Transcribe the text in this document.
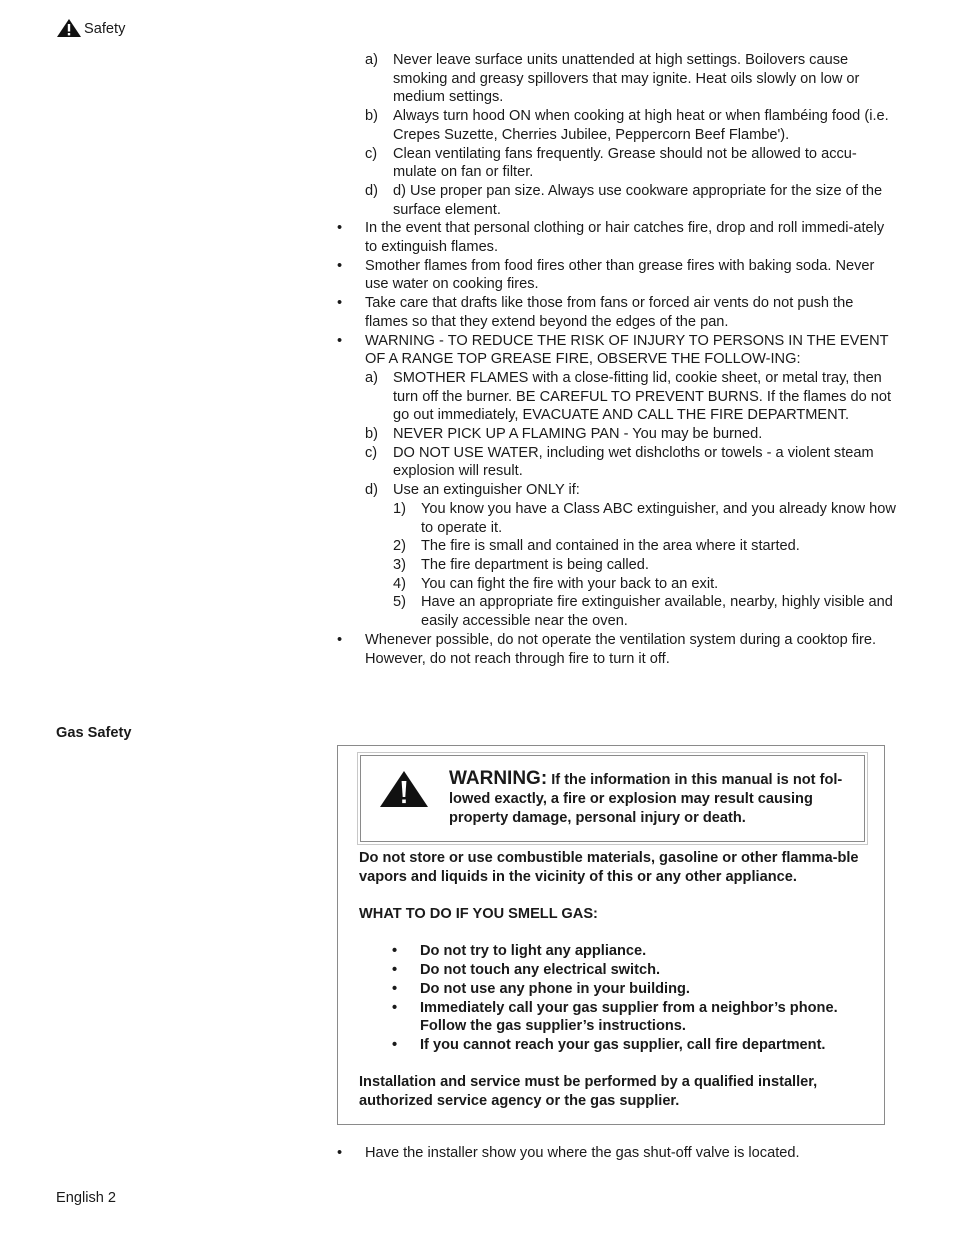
Safety
a)	Never leave surface units unattended at high settings. Boilovers cause smoking and greasy spillovers that may ignite. Heat oils slowly on low or medium settings.
b)	Always turn hood ON when cooking at high heat or when flambéing food (i.e. Crepes Suzette, Cherries Jubilee, Peppercorn Beef Flambe').
c)	Clean ventilating fans frequently. Grease should not be allowed to accu-mulate on fan or filter.
d)	d) Use proper pan size. Always use cookware appropriate for the size of the surface element.
•	In the event that personal clothing or hair catches fire, drop and roll immedi-ately to extinguish flames.
•	Smother flames from food fires other than grease fires with baking soda. Never use water on cooking fires.
•	Take care that drafts like those from fans or forced air vents do not push the flames so that they extend beyond the edges of the pan.
•	WARNING - TO REDUCE THE RISK OF INJURY TO PERSONS IN THE EVENT OF A RANGE TOP GREASE FIRE, OBSERVE THE FOLLOW-ING:
a)	SMOTHER FLAMES with a close-fitting lid, cookie sheet, or metal tray, then turn off the burner. BE CAREFUL TO PREVENT BURNS. If the flames do not go out immediately, EVACUATE AND CALL THE FIRE DEPARTMENT.
b)	NEVER PICK UP A FLAMING PAN - You may be burned.
c)	DO NOT USE WATER, including wet dishcloths or towels - a violent steam explosion will result.
d)	Use an extinguisher ONLY if:
1)	You know you have a Class ABC extinguisher, and you already know how to operate it.
2)	The fire is small and contained in the area where it started.
3)	The fire department is being called.
4)	You can fight the fire with your back to an exit.
5)	Have an appropriate fire extinguisher available, nearby, highly visible and easily accessible near the oven.
•	Whenever possible, do not operate the ventilation system during a cooktop fire. However, do not reach through fire to turn it off.
Gas Safety
WARNING: If the information in this manual is not fol-lowed exactly, a fire or explosion may result causing property damage, personal injury or death.

Do not store or use combustible materials, gasoline or other flamma-ble vapors and liquids in the vicinity of this or any other appliance.

WHAT TO DO IF YOU SMELL GAS:

•	Do not try to light any appliance.
•	Do not touch any electrical switch.
•	Do not use any phone in your building.
•	Immediately call your gas supplier from a neighbor’s phone. Follow the gas supplier’s instructions.
•	If you cannot reach your gas supplier, call fire department.

Installation and service must be performed by a qualified installer, authorized service agency or the gas supplier.

•	Have the installer show you where the gas shut-off valve is located.
English 2
